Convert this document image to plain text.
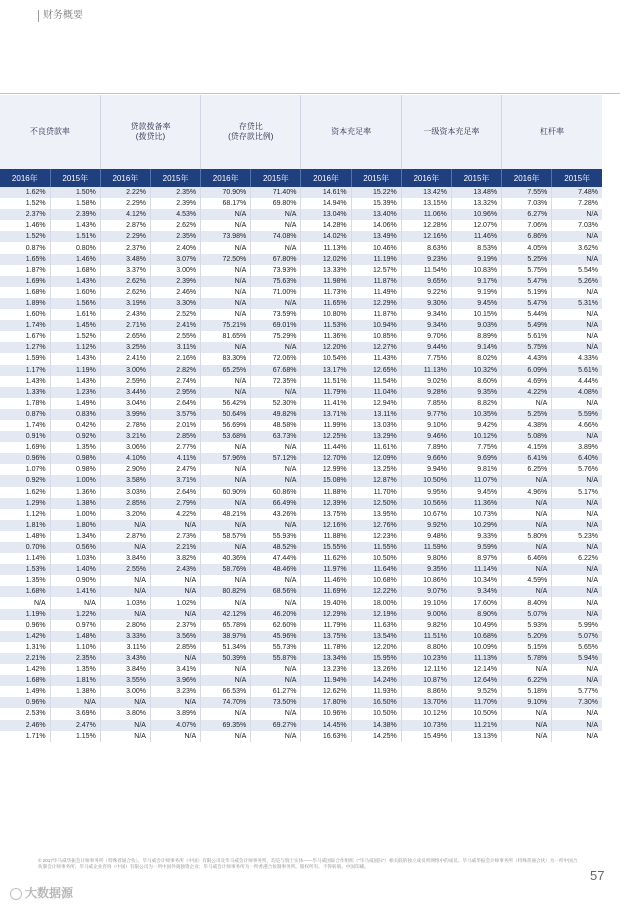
财务概要
不良贷款率		贷款拨备率
(拨贷比)		存贷比
(贷存款比例)		资本充足率		一级资本充足率		杠杆率	

2016年	2015年	2016年	2015年	2016年	2015年	2016年	2015年	2016年	2015年	2016年	2015年
1.62%	1.50%	2.22%	2.35%	70.90%	71.40%	14.61%	15.22%	13.42%	13.48%	7.55%	7.48%
1.52%	1.58%	2.29%	2.39%	68.17%	69.80%	14.94%	15.39%	13.15%	13.32%	7.03%	7.28%
2.37%	2.39%	4.12%	4.53%	N/A	N/A	13.04%	13.40%	11.06%	10.96%	6.27%	N/A
1.46%	1.43%	2.87%	2.62%	N/A	N/A	14.28%	14.06%	12.28%	12.07%	7.06%	7.03%
1.52%	1.51%	2.29%	2.35%	73.98%	74.08%	14.02%	13.49%	12.16%	11.46%	6.86%	N/A
0.87%	0.80%	2.37%	2.40%	N/A	N/A	11.13%	10.46%	8.63%	8.53%	4.05%	3.62%
1.65%	1.46%	3.48%	3.07%	72.50%	67.80%	12.02%	11.19%	9.23%	9.19%	5.25%	N/A
1.87%	1.68%	3.37%	3.00%	N/A	73.93%	13.33%	12.57%	11.54%	10.83%	5.75%	5.54%
1.69%	1.43%	2.62%	2.39%	N/A	75.63%	11.98%	11.87%	9.65%	9.17%	5.47%	5.26%
1.68%	1.60%	2.62%	2.46%	N/A	71.00%	11.73%	11.49%	9.22%	9.19%	5.19%	N/A
1.89%	1.56%	3.19%	3.30%	N/A	N/A	11.65%	12.29%	9.30%	9.45%	5.47%	5.31%
1.60%	1.61%	2.43%	2.52%	N/A	73.59%	10.80%	11.87%	9.34%	10.15%	5.44%	N/A
1.74%	1.45%	2.71%	2.41%	75.21%	69.01%	11.53%	10.94%	9.34%	9.03%	5.49%	N/A
1.67%	1.52%	2.65%	2.55%	81.65%	75.29%	11.36%	10.85%	9.70%	8.89%	5.61%	N/A
1.27%	1.12%	3.25%	3.11%	N/A	N/A	12.20%	12.27%	9.44%	9.14%	5.75%	N/A
1.59%	1.43%	2.41%	2.16%	83.30%	72.06%	10.54%	11.43%	7.75%	8.02%	4.43%	4.33%
1.17%	1.19%	3.00%	2.82%	65.25%	67.68%	13.17%	12.65%	11.13%	10.32%	6.09%	5.61%
1.43%	1.43%	2.59%	2.74%	N/A	72.35%	11.51%	11.54%	9.02%	8.60%	4.69%	4.44%
1.33%	1.23%	3.44%	2.95%	N/A	N/A	11.79%	11.04%	9.28%	9.35%	4.22%	4.08%
1.78%	1.49%	3.04%	2.64%	56.42%	52.30%	11.41%	12.94%	7.85%	8.82%	N/A	N/A
0.87%	0.83%	3.99%	3.57%	50.64%	49.82%	13.71%	13.11%	9.77%	10.35%	5.25%	5.59%
1.74%	0.42%	2.78%	2.01%	56.69%	48.58%	11.99%	13.03%	9.10%	9.42%	4.38%	4.66%
0.91%	0.92%	3.21%	2.85%	53.68%	63.73%	12.25%	13.29%	9.46%	10.12%	5.08%	N/A
1.69%	1.35%	3.06%	2.77%	N/A	N/A	11.44%	11.61%	7.89%	7.75%	4.15%	3.89%
0.96%	0.98%	4.10%	4.11%	57.96%	57.12%	12.70%	12.09%	9.66%	9.69%	6.41%	6.40%
1.07%	0.98%	2.90%	2.47%	N/A	N/A	12.99%	13.25%	9.94%	9.81%	6.25%	5.76%
0.92%	1.00%	3.58%	3.71%	N/A	N/A	15.08%	12.87%	10.50%	11.07%	N/A	N/A
1.62%	1.36%	3.03%	2.64%	60.90%	60.86%	11.88%	11.70%	9.95%	9.45%	4.96%	5.17%
1.29%	1.38%	2.85%	2.79%	N/A	66.49%	12.39%	12.50%	10.56%	11.36%	N/A	N/A
1.12%	1.00%	3.20%	4.22%	48.21%	43.26%	13.75%	13.95%	10.67%	10.73%	N/A	N/A
1.81%	1.80%	N/A	N/A	N/A	N/A	12.16%	12.76%	9.92%	10.29%	N/A	N/A
1.48%	1.34%	2.87%	2.73%	58.57%	55.93%	11.88%	12.23%	9.48%	9.33%	5.80%	5.23%
0.70%	0.56%	N/A	2.21%	N/A	48.52%	15.55%	11.55%	11.59%	9.59%	N/A	N/A
1.14%	1.03%	3.84%	3.82%	40.36%	47.44%	11.62%	10.50%	9.80%	8.97%	6.46%	6.22%
1.53%	1.40%	2.55%	2.43%	58.76%	48.46%	11.97%	11.64%	9.35%	11.14%	N/A	N/A
1.35%	0.90%	N/A	N/A	N/A	N/A	11.46%	10.68%	10.86%	10.34%	4.59%	N/A
1.68%	1.41%	N/A	N/A	80.82%	68.56%	11.69%	12.22%	9.07%	9.34%	N/A	N/A
N/A	N/A	1.03%	1.02%	N/A	N/A	19.40%	18.00%	19.10%	17.60%	8.40%	N/A
1.19%	1.22%	N/A	N/A	42.12%	46.20%	12.29%	12.19%	9.00%	8.90%	5.07%	N/A
0.96%	0.97%	2.80%	2.37%	65.78%	62.60%	11.79%	11.63%	9.82%	10.49%	5.93%	5.99%
1.42%	1.48%	3.33%	3.56%	38.97%	45.96%	13.75%	13.54%	11.51%	10.68%	5.20%	5.07%
1.31%	1.10%	3.11%	2.85%	51.34%	55.73%	11.78%	12.20%	8.80%	10.09%	5.15%	5.65%
2.21%	2.35%	3.43%	N/A	50.39%	55.87%	13.34%	15.95%	10.23%	11.13%	5.78%	5.94%
1.42%	1.35%	3.84%	3.41%	N/A	N/A	13.23%	13.26%	12.11%	12.14%	N/A	N/A
1.68%	1.81%	3.55%	3.96%	N/A	N/A	11.94%	14.24%	10.87%	12.64%	6.22%	N/A
1.49%	1.38%	3.00%	3.23%	66.53%	61.27%	12.62%	11.93%	8.86%	9.52%	5.18%	5.77%
0.96%	N/A	N/A	N/A	74.70%	73.50%	17.80%	16.50%	13.70%	11.70%	9.10%	7.30%
2.53%	3.69%	3.80%	3.89%	N/A	N/A	10.96%	10.50%	10.12%	10.50%	N/A	N/A
2.46%	2.47%	N/A	4.07%	69.35%	69.27%	14.45%	14.38%	10.73%	11.21%	N/A	N/A
1.71%	1.15%	N/A	N/A	N/A	N/A	16.63%	14.25%	15.49%	13.13%	N/A	N/A
© 2017毕马威华振会计师事务所（特殊普通合伙）、毕马威会计师事务所（中国）有限公司及毕马威会计师事务所，均是与瑞士实体——毕马威国际合作组织（“毕马威国际”）相关联的独立成员所网络中的成员。毕马威华振会计师事务所（特殊普通合伙）为一所中国合伙制会计师事务所；毕马威企业咨询（中国）有限公司为一所中国外商独资企业；毕马威会计师事务所为一所香港合伙制事务所。版权所有，不得转载。中国印刷。
57
大数据源
